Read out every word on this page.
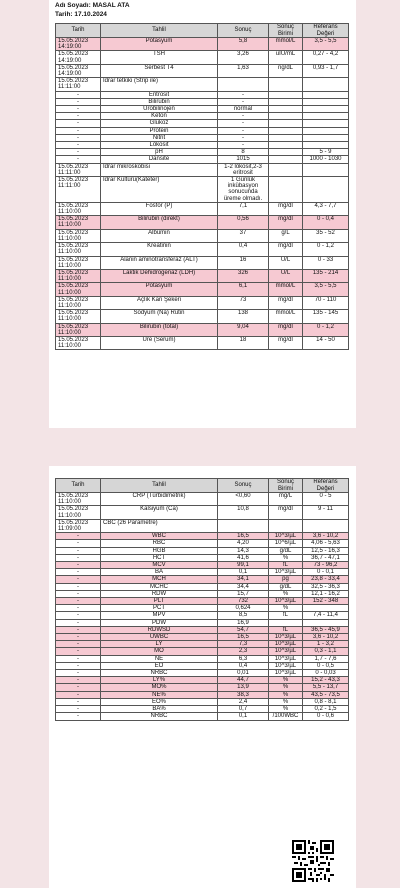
Adı Soyadı: MASAL ATA
Tarih: 17.10.2024
Tarih	Tahlil	Sonuç	Sonuç Birimi	Referans Değeri

15.05.2023
14:19:00	Potasyum	5,8	mmol/L	3,5 - 5,5

15.05.2023
14:19:00	TSH	3,26	uIU/mL	0,27 - 4,2

15.05.2023
14:19:00	Serbest T4	1,63	ng/dL	0,93 - 1,7

15.05.2023
11:11:00	İdrar tetkiki (Strip ile)			

-	Eritrosit	-		

-	Bilirubin	-		

-	Ürobilinojen	normal		

-	Keton	-		

-	Glukoz	-		

-	Protein	-		

-	Nitrit	-		

-	Lökosit	-		

-	pH	8		5 - 9

-	Dansite	1015		1000 - 1030

15.05.2023
11:11:00	İdrar mikroskobisi	1-2 lökosit,2-3 eritrosit		

15.05.2023
11:11:00	İdrar Kültürü(Kateter)	1 Günlük inkübasyon sonucunda üreme olmadı.		

15.05.2023
11:10:00	Fosfor (P)	7,1	mg/dl	4,3 - 7,7

15.05.2023
11:10:00	Bilirubin (direkt)	0,56	mg/dl	0 - 0,4

15.05.2023
11:10:00	Albümin	37	g/L	35 - 52

15.05.2023
11:10:00	Kreatinin	0,4	mg/dl	0 - 1,2

15.05.2023
11:10:00	Alanin aminotransferaz (ALT)	16	U/L	0 - 33

15.05.2023
11:10:00	Laktik Dehidrogenaz (LDH)	326	U/L	135 - 214

15.05.2023
11:10:00	Potasyum	6,1	mmol/L	3,5 - 5,5

15.05.2023
11:10:00	Açlık Kan Şekeri	73	mg/dl	70 - 110

15.05.2023
11:10:00	Sodyum (Na) Rutin	138	mmol/L	135 - 145

15.05.2023
11:10:00	Bilirubin (total)	9,04	mg/dl	0 - 1,2

15.05.2023
11:10:00	Üre (Serum)	18	mg/dl	14 - 50
Tarih	Tahlil	Sonuç	Sonuç Birimi	Referans Değeri

15.05.2023
11:10:00	CRP (Türbidimetrik)	<0,60	mg/L	0 - 5

15.05.2023
11:10:00	Kalsiyum (Ca)	10,8	mg/dl	9 - 11

15.05.2023
11:09:00	CBC (26 Parametre)			

-	WBC	16,5	10^3/µL	3,6 - 10,2

-	RBC	4,20	10^6/µL	4,06 - 5,63

-	HGB	14,3	g/dL	12,5 - 16,3

-	HCT	41,6	%	36,7 - 47,1

-	MCV	99,1	fL	73 - 96,2

-	BA	0,1	10^3/µL	0 - 0,1

-	MCH	34,1	pg	23,8 - 33,4

-	MCHC	34,4	g/dL	32,5 - 36,3

-	RDW	15,7	%	12,1 - 16,2

-	PLT	732	10^3/µL	152 - 348

-	PCT	0,624	%	

-	MPV	8,5	fL	7,4 - 11,4

-	PDW	16,9		

-	RDWSD	54,7	fL	36,5 - 45,9

-	UWBC	16,5	10^3/µL	3,6 - 10,2

-	LY	7,3	10^3/µL	1 - 3,2

-	MO	2,3	10^3/µL	0,3 - 1,1

-	NE	6,3	10^3/µL	1,7 - 7,6

-	EO	0,4	10^3/µL	0 - 0,5

-	NRBC	0,01	10^3/µL	0 - 0,03

-	LY%	44,7	%	15,2 - 43,3

-	MO%	13,9	%	5,5 - 13,7

-	NE%	38,3	%	43,5 - 73,5

-	EO%	2,4	%	0,8 - 8,1

-	BA%	0,7	%	0,2 - 1,5

-	NRBC	0,1	/100WBC	0 - 0,6
